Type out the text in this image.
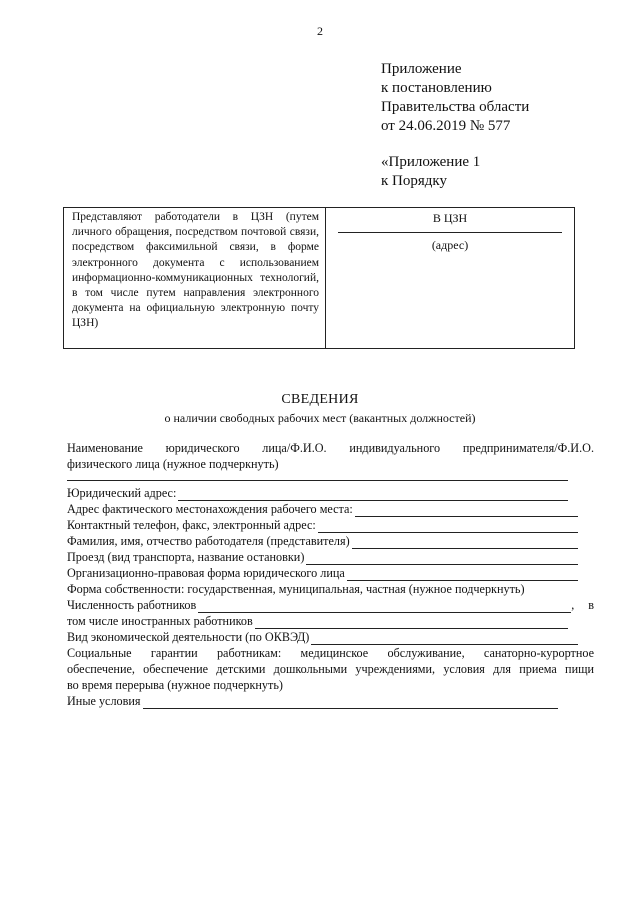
2
Приложение
к постановлению
Правительства области
от 24.06.2019 № 577
«Приложение 1
к Порядку
Представляют работодатели в ЦЗН (путем личного обращения, посредством почтовой связи, посредством факсимильной связи, в форме электронного документа с использованием информационно-коммуникационных технологий, в том числе путем направления электронного документа на официальную электронную почту ЦЗН)
В ЦЗН
(адрес)
СВЕДЕНИЯ
о наличии свободных рабочих мест (вакантных должностей)
Наименование юридического лица/Ф.И.О. индивидуального предпринимателя/Ф.И.О.
физического лица (нужное подчеркнуть)
Юридический адрес:
Адрес фактического местонахождения рабочего места:
Контактный телефон, факс, электронный адрес:
Фамилия, имя, отчество работодателя (представителя)
Проезд (вид транспорта, название остановки)
Организационно-правовая форма юридического лица
Форма собственности: государственная, муниципальная, частная (нужное подчеркнуть)
Численность работников	, в
том числе иностранных работников
Вид экономической деятельности (по ОКВЭД)
Социальные гарантии работникам: медицинское обслуживание, санаторно-курортное
обеспечение, обеспечение детскими дошкольными учреждениями, условия для приема пищи
во время перерыва (нужное подчеркнуть)
Иные условия
